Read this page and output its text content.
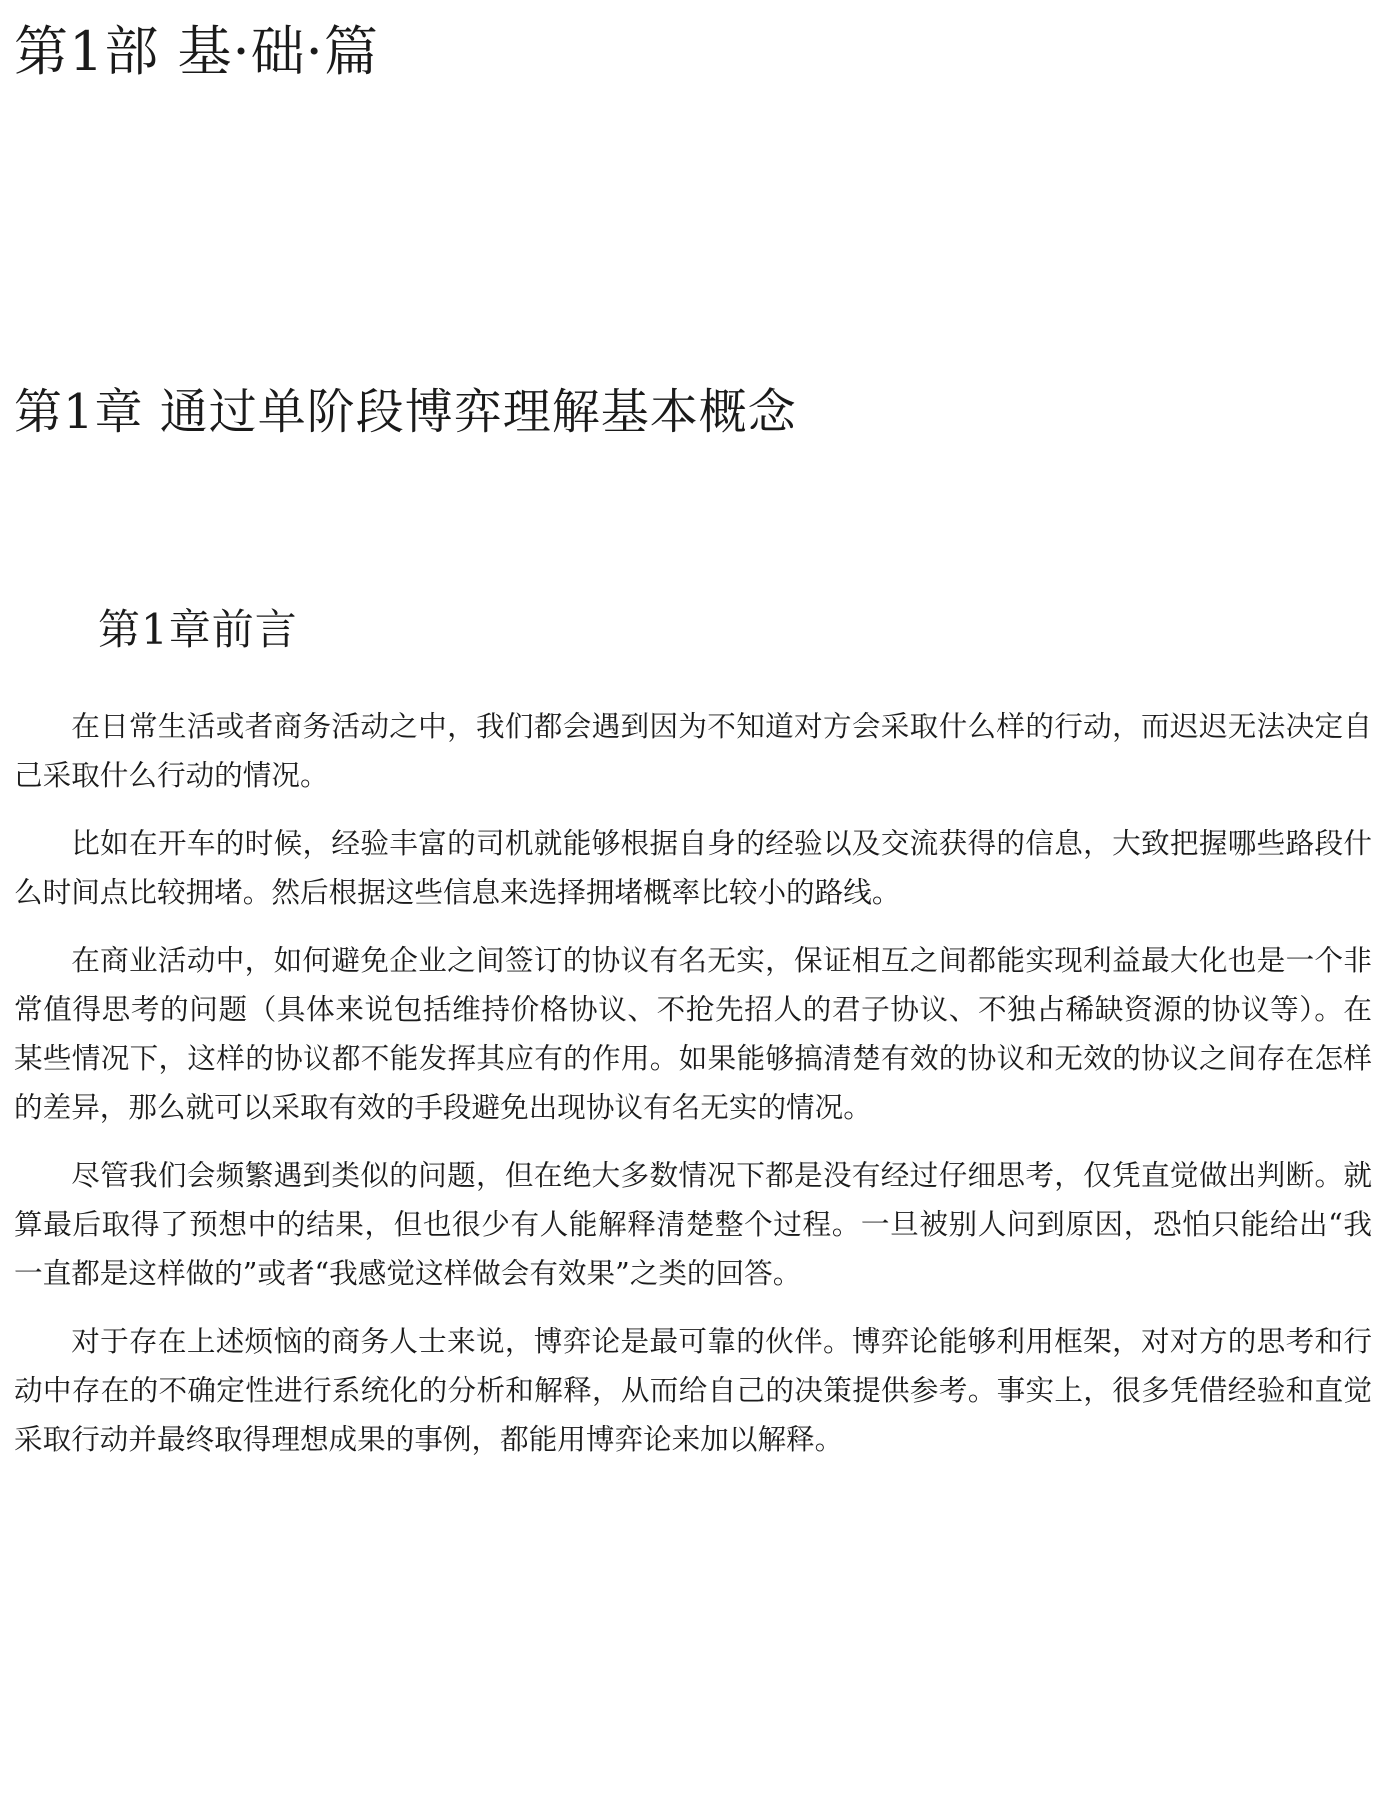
第1部 基·础·篇
第1章 通过单阶段博弈理解基本概念
第1章前言

在日常生活或者商务活动之中，我们都会遇到因为不知道对方会采取什么样的行动，而迟迟无法决定自己采取什么行动的情况。

比如在开车的时候，经验丰富的司机就能够根据自身的经验以及交流获得的信息，大致把握哪些路段什么时间点比较拥堵。然后根据这些信息来选择拥堵概率比较小的路线。

在商业活动中，如何避免企业之间签订的协议有名无实，保证相互之间都能实现利益最大化也是一个非常值得思考的问题（具体来说包括维持价格协议、不抢先招人的君子协议、不独占稀缺资源的协议等）。在某些情况下，这样的协议都不能发挥其应有的作用。如果能够搞清楚有效的协议和无效的协议之间存在怎样的差异，那么就可以采取有效的手段避免出现协议有名无实的情况。

尽管我们会频繁遇到类似的问题，但在绝大多数情况下都是没有经过仔细思考，仅凭直觉做出判断。就算最后取得了预想中的结果，但也很少有人能解释清楚整个过程。一旦被别人问到原因，恐怕只能给出“我一直都是这样做的”或者“我感觉这样做会有效果”之类的回答。

对于存在上述烦恼的商务人士来说，博弈论是最可靠的伙伴。博弈论能够利用框架，对对方的思考和行动中存在的不确定性进行系统化的分析和解释，从而给自己的决策提供参考。事实上，很多凭借经验和直觉采取行动并最终取得理想成果的事例，都能用博弈论来加以解释。
